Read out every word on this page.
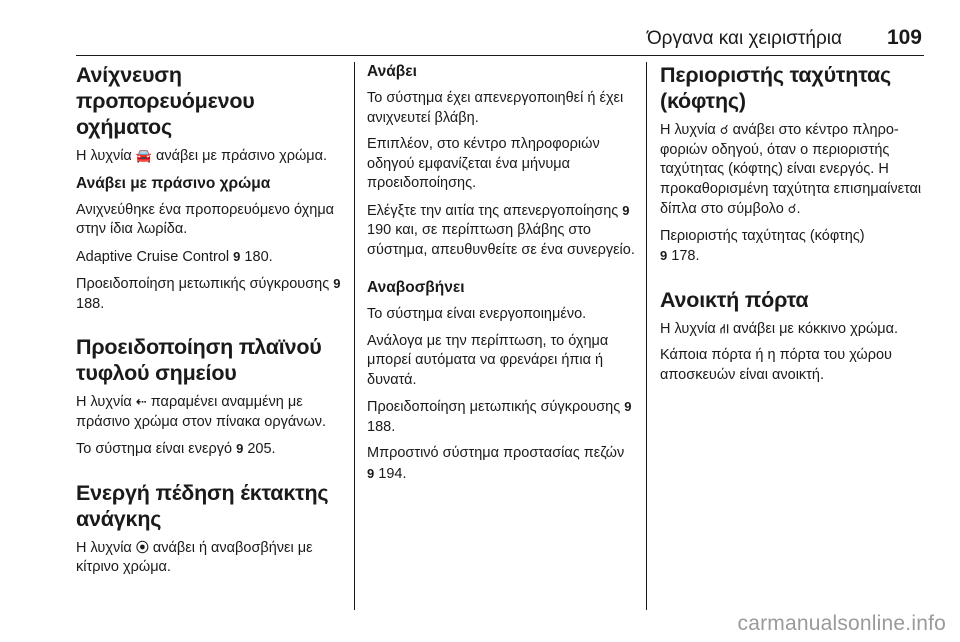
Όργανα και χειριστήρια 109
Ανίχνευση
προπορευόμενου οχήματος

Η λυχνία 🚘 ανάβει με πράσινο χρώμα.

Ανάβει με πράσινο χρώμα

Ανιχνεύθηκε ένα προπορευόμενο όχημα στην ίδια λωρίδα.

Adaptive Cruise Control 9 180.

Προειδοποίηση μετωπικής σύγκρουσης 9 188.

Προειδοποίηση πλαϊνού
τυφλού σημείου

Η λυχνία ⇠ παραμένει αναμμένη με πράσινο χρώμα στον πίνακα οργάνων.

Το σύστημα είναι ενεργό 9 205.

Ενεργή πέδηση έκτακτης
ανάγκης

Η λυχνία ⦿ ανάβει ή αναβοσβήνει με κίτρινο χρώμα.

Ανάβει

Το σύστημα έχει απενεργοποιηθεί ή έχει ανιχνευτεί βλάβη.

Επιπλέον, στο κέντρο πληροφοριών οδηγού εμφανίζεται ένα μήνυμα προειδοποίησης.

Ελέγξτε την αιτία της απενεργοποίησης 9 190 και, σε περίπτωση βλάβης στο σύστημα, απευθυνθείτε σε ένα συνεργείο.

Αναβοσβήνει

Το σύστημα είναι ενεργοποιημένο.

Ανάλογα με την περίπτωση, το όχημα μπορεί αυτόματα να φρενάρει ήπια ή δυνατά.

Προειδοποίηση μετωπικής σύγκρουσης 9 188.

Μπροστινό σύστημα προστασίας πεζών 9 194.

Περιοριστής ταχύτητας
(κόφτης)

Η λυχνία ☌ ανάβει στο κέντρο πληροφοριών οδηγού, όταν ο περιοριστής ταχύτητας (κόφτης) είναι ενεργός. Η προκαθορισμένη ταχύτητα επισημαίνεται δίπλα στο σύμβολο ☌.

Περιοριστής ταχύτητας (κόφτης)
9 178.

Ανοικτή πόρτα

Η λυχνία ⛙ ανάβει με κόκκινο χρώμα.

Κάποια πόρτα ή η πόρτα του χώρου αποσκευών είναι ανοικτή.

carmanualsonline.info
